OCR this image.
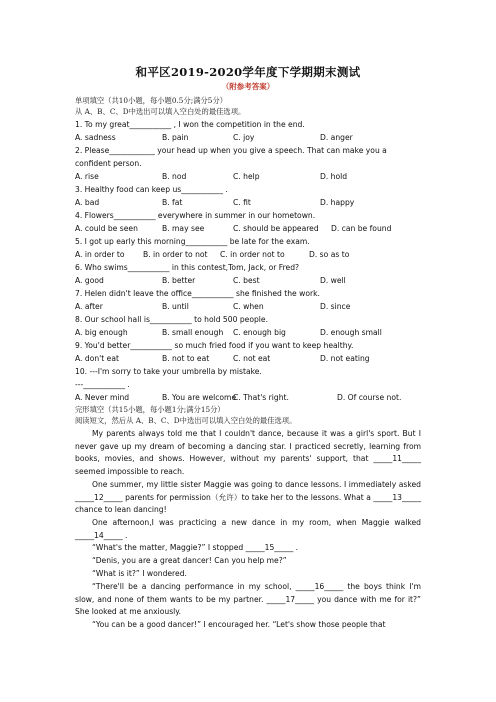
和平区2019-2020学年度下学期期末测试
（附参考答案）
单项填空（共10小题，每小题0.5分;满分5分）
从 A、B、C、D中选出可以填入空白处的最佳选项。
1. To my great___________ , I won the competition in the end.
A. sadness	B. pain	C. joy	D. anger
2. Please____________ your head up when you give a speech. That can make you a
confident person.
A. rise	B. nod	C. help	D. hold
3. Healthy food can keep us___________ .
A. bad	B. fat	C. fit	D. happy
4. Flowers___________ everywhere in summer in our hometown.
A. could be seen	B. may see	C. should be appeared D. can be found
5. I got up early this morning___________ be late for the exam.
A. in order to B. in order to not C. in order not to	D. so as to
6. Who swims___________ in this contest,Tom, Jack, or Fred?
A. good	B. better	C. best	D. well
7. Helen didn't leave the office___________ she finished the work.
A. after	B. until	C. when	D. since
8. Our school hall is___________ to hold 500 people.
A. big enough	B. small enough C. enough big	D. enough small
9. You'd better___________ so much fried food if you want to keep healthy.
A. don't eat	B. not to eat	C. not eat	D. not eating
10. ---I'm sorry to take your umbrella by mistake.
---___________ .
A. Never mind	B. You are welcome
C. That's right.	D. Of course not.
完形填空（共15小题，每小题1分;满分15分）
阅读短文，然后从 A、B、C、D中选出可以填入空白处的最佳选项。
My parents always told me that I couldn't dance, because it was a girl's sport. But I never gave up my dream of becoming a dancing star. I practiced secretly, learning from books, movies, and shows. However, without my parents' support, that _____11_____ seemed impossible to reach.
One summer, my little sister Maggie was going to dance lessons. I immediately asked _____12_____ parents for permission（允许）to take her to the lessons. What a _____13_____ chance to lean dancing!
One afternoon,I was practicing a new dance in my room, when Maggie walked _____14_____ .
“What's the matter, Maggie?” I stopped _____15_____ .
“Denis, you are a great dancer! Can you help me?”
“What is it?” I wondered.
“There'll be a dancing performance in my school, _____16_____ the boys think I'm slow, and none of them wants to be my partner. _____17_____ you dance with me for it?” She looked at me anxiously.
“You can be a good dancer!” I encouraged her. “Let's show those people that
